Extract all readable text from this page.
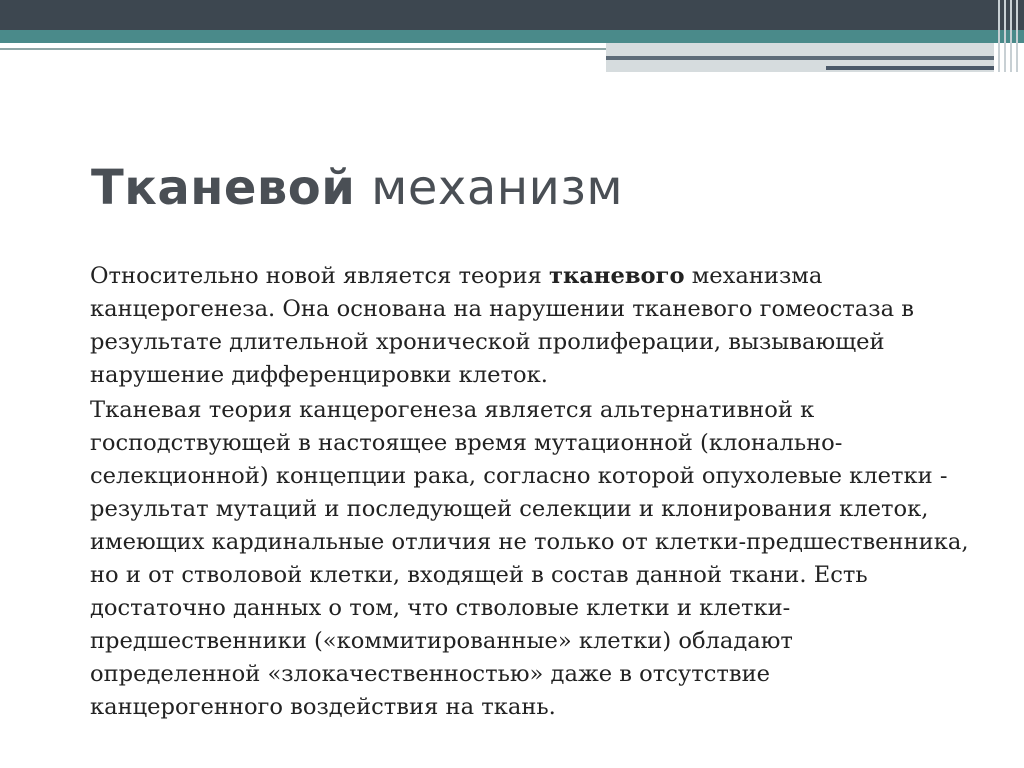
Тканевой механизм

Относительно новой является теория тканевого механизма канцерогенеза. Она основана на нарушении тканевого гомеостаза в результате длительной хронической пролиферации, вызывающей нарушение дифференцировки клеток.

Тканевая теория канцерогенеза является альтернативной к господствующей в настоящее время мутационной (клонально-селекционной) концепции рака, согласно которой опухолевые клетки - результат мутаций и последующей селекции и клонирования клеток, имеющих кардинальные отличия не только от клетки-предшественника, но и от стволовой клетки, входящей в состав данной ткани. Есть достаточно данных о том, что стволовые клетки и клетки-предшественники («коммитированные» клетки) обладают определенной «злокачественностью» даже в отсутствие канцерогенного воздействия на ткань.
